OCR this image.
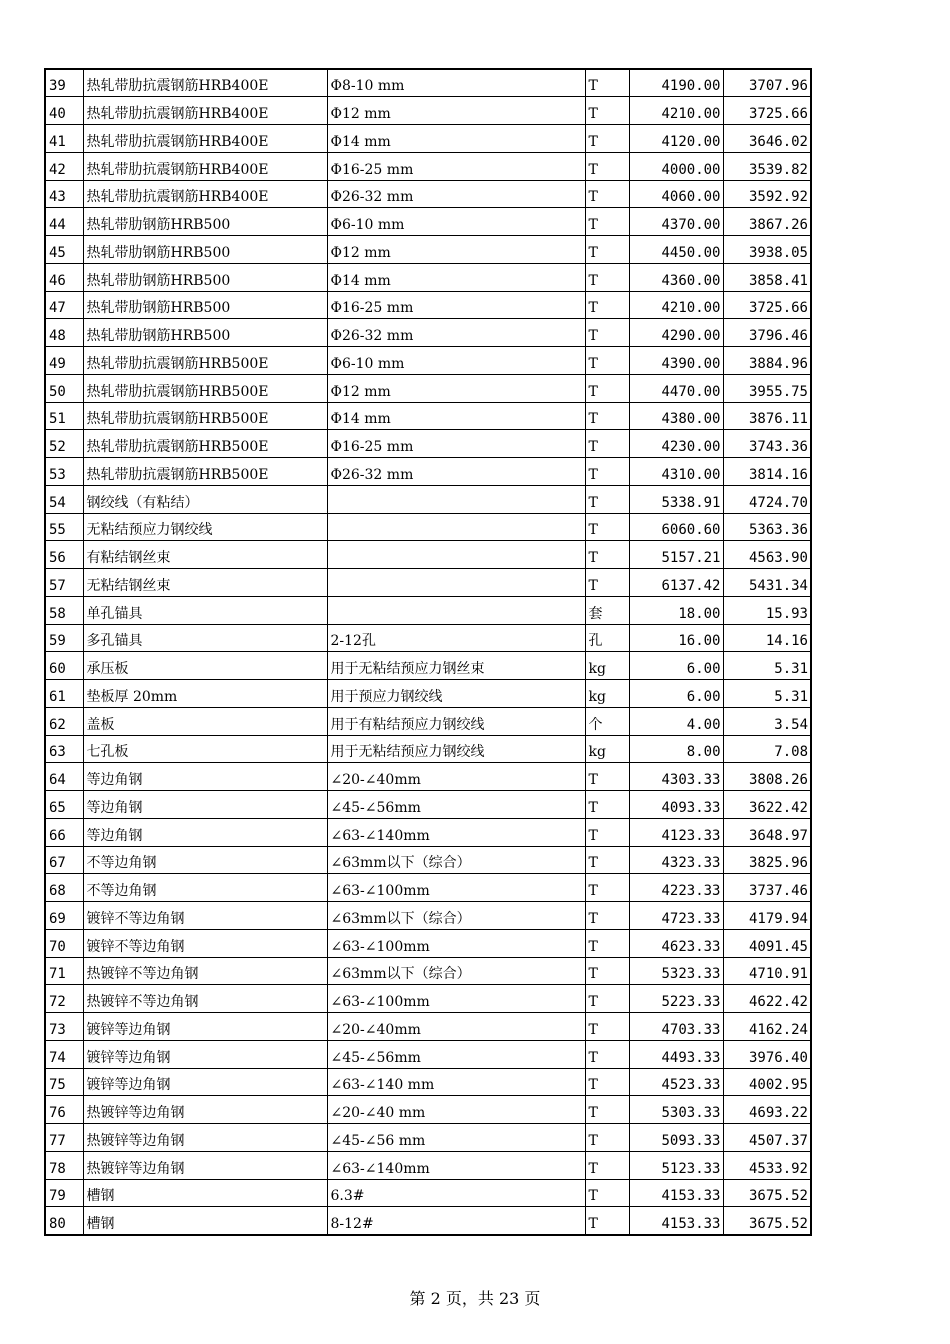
39	热轧带肋抗震钢筋HRB400E	Φ8-10 mm	T	4190.00	3707.96
40	热轧带肋抗震钢筋HRB400E	Φ12 mm	T	4210.00	3725.66
41	热轧带肋抗震钢筋HRB400E	Φ14 mm	T	4120.00	3646.02
42	热轧带肋抗震钢筋HRB400E	Φ16-25 mm	T	4000.00	3539.82
43	热轧带肋抗震钢筋HRB400E	Φ26-32 mm	T	4060.00	3592.92
44	热轧带肋钢筋HRB500	Φ6-10 mm	T	4370.00	3867.26
45	热轧带肋钢筋HRB500	Φ12 mm	T	4450.00	3938.05
46	热轧带肋钢筋HRB500	Φ14 mm	T	4360.00	3858.41
47	热轧带肋钢筋HRB500	Φ16-25 mm	T	4210.00	3725.66
48	热轧带肋钢筋HRB500	Φ26-32 mm	T	4290.00	3796.46
49	热轧带肋抗震钢筋HRB500E	Φ6-10 mm	T	4390.00	3884.96
50	热轧带肋抗震钢筋HRB500E	Φ12 mm	T	4470.00	3955.75
51	热轧带肋抗震钢筋HRB500E	Φ14 mm	T	4380.00	3876.11
52	热轧带肋抗震钢筋HRB500E	Φ16-25 mm	T	4230.00	3743.36
53	热轧带肋抗震钢筋HRB500E	Φ26-32 mm	T	4310.00	3814.16
54	钢绞线（有粘结）		T	5338.91	4724.70
55	无粘结预应力钢绞线		T	6060.60	5363.36
56	有粘结钢丝束		T	5157.21	4563.90
57	无粘结钢丝束		T	6137.42	5431.34
58	单孔锚具		套	18.00	15.93
59	多孔锚具	2-12孔	孔	16.00	14.16
60	承压板	用于无粘结预应力钢丝束	kg	6.00	5.31
61	垫板厚 20mm	用于预应力钢绞线	kg	6.00	5.31
62	盖板	用于有粘结预应力钢绞线	个	4.00	3.54
63	七孔板	用于无粘结预应力钢绞线	kg	8.00	7.08
64	等边角钢	∠20-∠40mm	T	4303.33	3808.26
65	等边角钢	∠45-∠56mm	T	4093.33	3622.42
66	等边角钢	∠63-∠140mm	T	4123.33	3648.97
67	不等边角钢	∠63mm以下（综合）	T	4323.33	3825.96
68	不等边角钢	∠63-∠100mm	T	4223.33	3737.46
69	镀锌不等边角钢	∠63mm以下（综合）	T	4723.33	4179.94
70	镀锌不等边角钢	∠63-∠100mm	T	4623.33	4091.45
71	热镀锌不等边角钢	∠63mm以下（综合）	T	5323.33	4710.91
72	热镀锌不等边角钢	∠63-∠100mm	T	5223.33	4622.42
73	镀锌等边角钢	∠20-∠40mm	T	4703.33	4162.24
74	镀锌等边角钢	∠45-∠56mm	T	4493.33	3976.40
75	镀锌等边角钢	∠63-∠140 mm	T	4523.33	4002.95
76	热镀锌等边角钢	∠20-∠40 mm	T	5303.33	4693.22
77	热镀锌等边角钢	∠45-∠56 mm	T	5093.33	4507.37
78	热镀锌等边角钢	∠63-∠140mm	T	5123.33	4533.92
79	槽钢	6.3#	T	4153.33	3675.52
80	槽钢	8-12#	T	4153.33	3675.52
第 2 页，共 23 页
